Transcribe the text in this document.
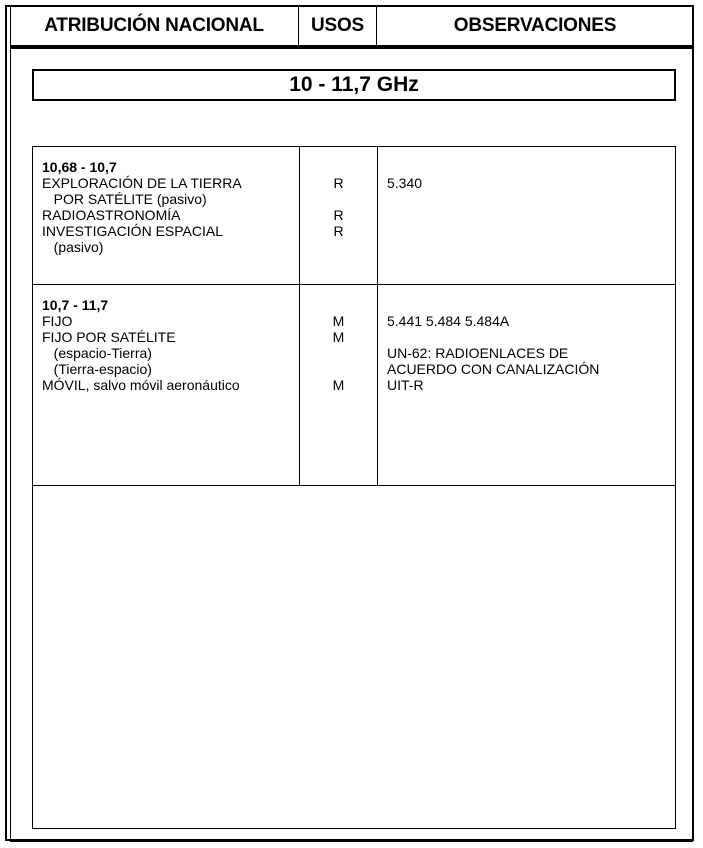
ATRIBUCIÓN NACIONAL	USOS	OBSERVACIONES
10 - 11,7 GHz
10,68 - 10,7
EXPLORACIÓN DE LA TIERRA
POR SATÉLITE (pasivo)
RADIOASTRONOMÍA
INVESTIGACIÓN ESPACIAL
(pasivo)
R
R
R
5.340
10,7 - 11,7
FIJO
FIJO POR SATÉLITE
(espacio-Tierra)
(Tierra-espacio)
MÓVIL, salvo móvil aeronáutico
M
M
M
5.441 5.484 5.484A
UN-62: RADIOENLACES DE
ACUERDO CON CANALIZACIÓN
UIT-R
